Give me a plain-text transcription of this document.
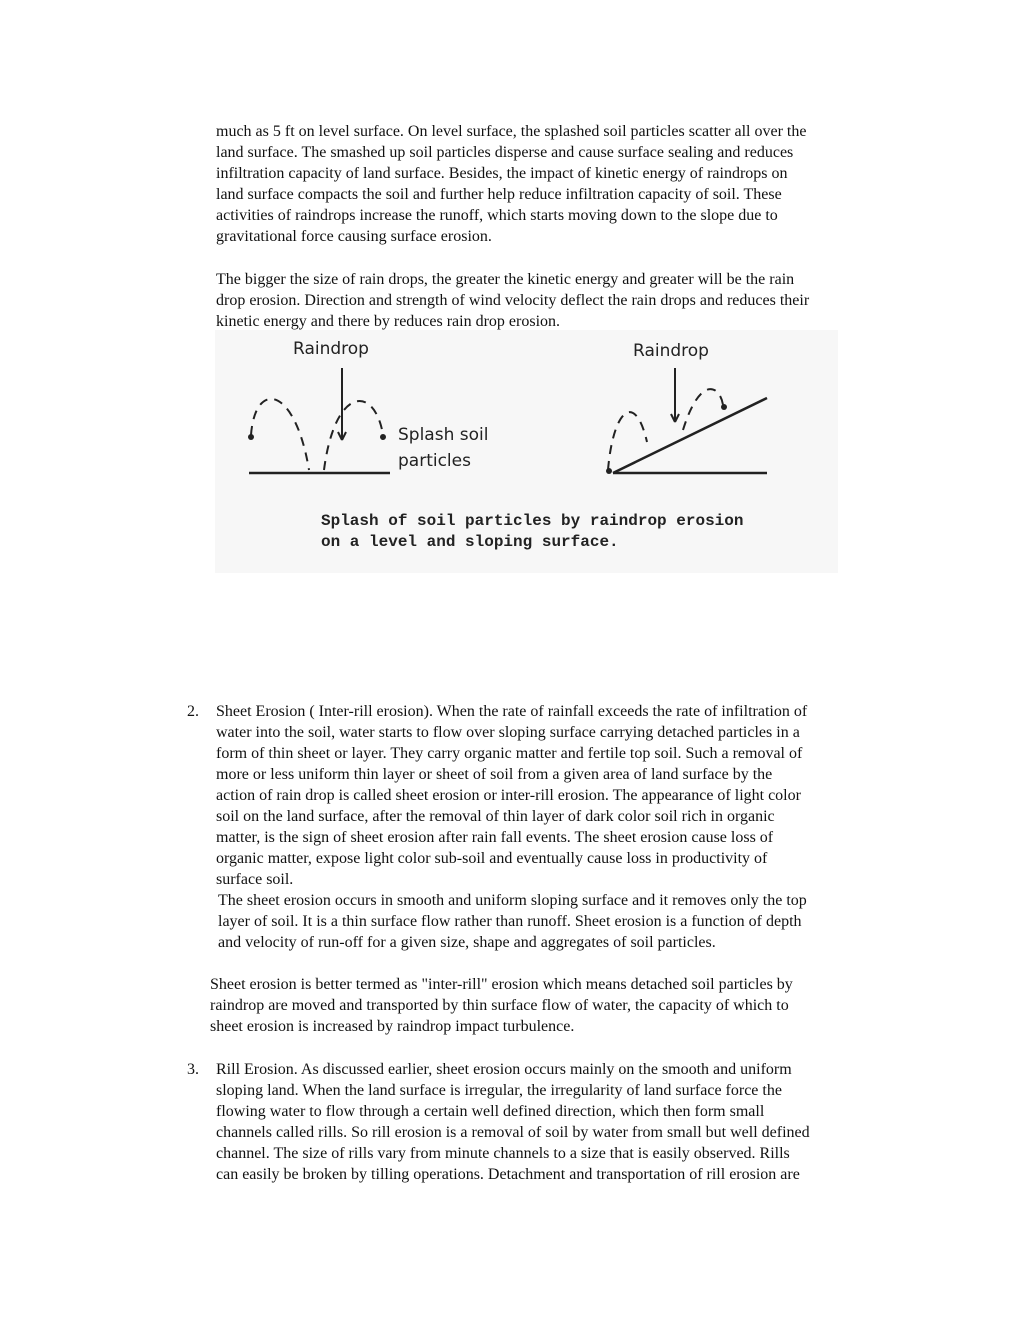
much as 5 ft on level surface. On level surface, the splashed soil particles scatter all over the
land surface. The smashed up soil particles disperse and cause surface sealing and reduces
infiltration capacity of land surface. Besides, the impact of kinetic energy of raindrops on
land surface compacts the soil and further help reduce infiltration capacity of soil. These
activities of raindrops increase the runoff, which starts moving down to the slope due to
gravitational force causing surface erosion.
The bigger the size of rain drops, the greater the kinetic energy and greater will be the rain
drop erosion. Direction and strength of wind velocity deflect the rain drops and reduces their
kinetic energy and there by reduces rain drop erosion.
Raindrop
Splash soil
particles
Raindrop
Splash of soil particles by raindrop erosion
on a level and sloping surface.
2. Sheet Erosion ( Inter-rill erosion). When the rate of rainfall exceeds the rate of infiltration of
water into the soil, water starts to flow over sloping surface carrying detached particles in a
form of thin sheet or layer. They carry organic matter and fertile top soil. Such a removal of
more or less uniform thin layer or sheet of soil from a given area of land surface by the
action of rain drop is called sheet erosion or inter-rill erosion. The appearance of light color
soil on the land surface, after the removal of thin layer of dark color soil rich in organic
matter, is the sign of sheet erosion after rain fall events. The sheet erosion cause loss of
organic matter, expose light color sub-soil and eventually cause loss in productivity of
surface soil.
The sheet erosion occurs in smooth and uniform sloping surface and it removes only the top
layer of soil. It is a thin surface flow rather than runoff. Sheet erosion is a function of depth
and velocity of run-off for a given size, shape and aggregates of soil particles.
Sheet erosion is better termed as "inter-rill" erosion which means detached soil particles by
raindrop are moved and transported by thin surface flow of water, the capacity of which to
sheet erosion is increased by raindrop impact turbulence.
3. Rill Erosion. As discussed earlier, sheet erosion occurs mainly on the smooth and uniform
sloping land. When the land surface is irregular, the irregularity of land surface force the
flowing water to flow through a certain well defined direction, which then form small
channels called rills. So rill erosion is a removal of soil by water from small but well defined
channel. The size of rills vary from minute channels to a size that is easily observed. Rills
can easily be broken by tilling operations. Detachment and transportation of rill erosion are
